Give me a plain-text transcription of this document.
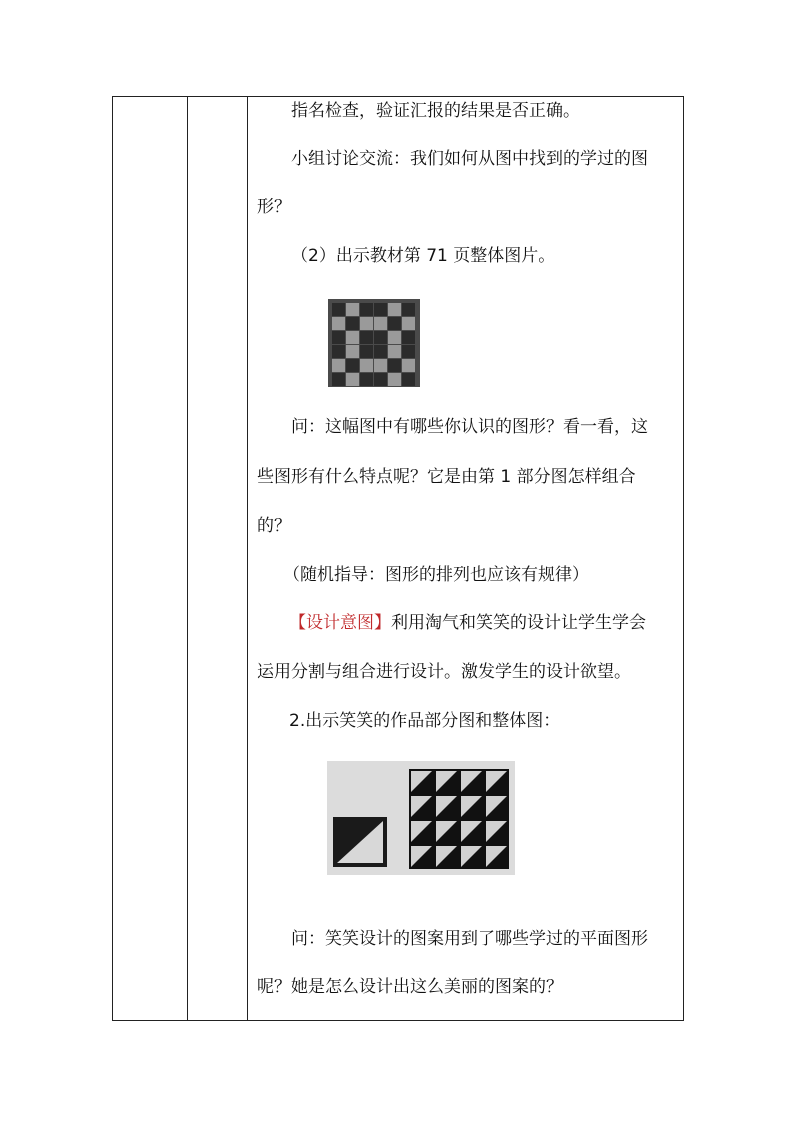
指名检查，验证汇报的结果是否正确。
小组讨论交流：我们如何从图中找到的学过的图
形？
（2）出示教材第 71 页整体图片。
问：这幅图中有哪些你认识的图形？看一看，这
些图形有什么特点呢？它是由第 1 部分图怎样组合
的？
（随机指导：图形的排列也应该有规律）
【设计意图】利用淘气和笑笑的设计让学生学会
运用分割与组合进行设计。激发学生的设计欲望。
2.出示笑笑的作品部分图和整体图：
问：笑笑设计的图案用到了哪些学过的平面图形
呢？她是怎么设计出这么美丽的图案的？
